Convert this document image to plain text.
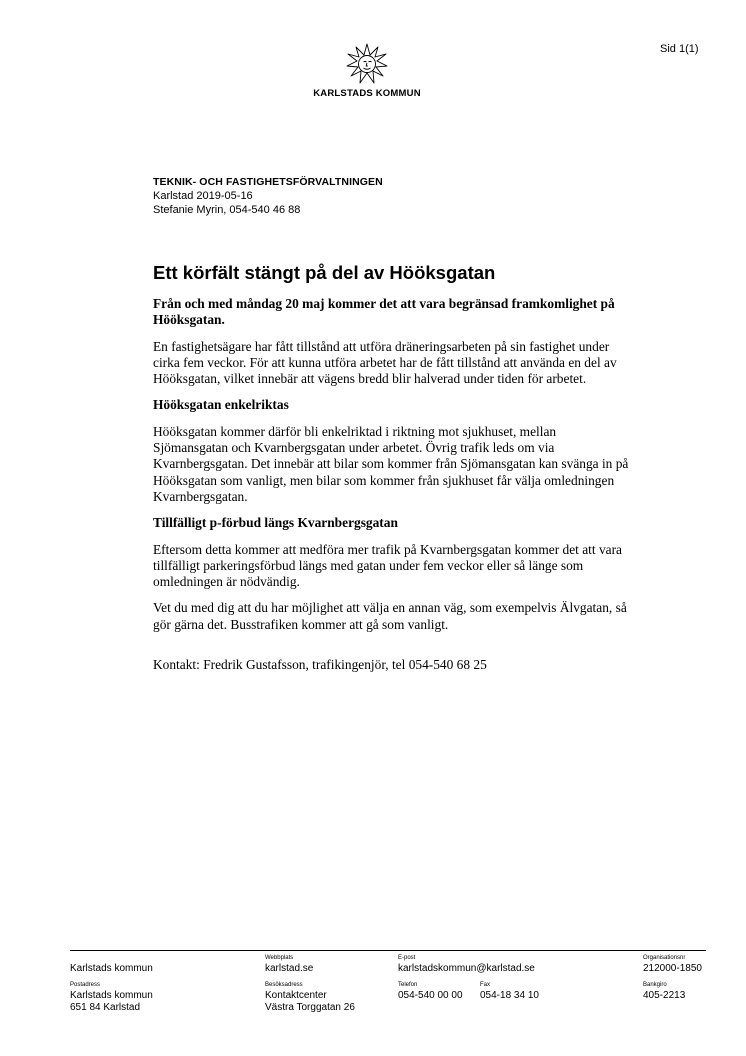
Sid 1(1)
KARLSTADS KOMMUN
TEKNIK- OCH FASTIGHETSFÖRVALTNINGEN
Karlstad 2019-05-16
Stefanie Myrin, 054-540 46 88
Ett körfält stängt på del av Hööksgatan

Från och med måndag 20 maj kommer det att vara begränsad framkomlighet på Hööksgatan.

En fastighetsägare har fått tillstånd att utföra dräneringsarbeten på sin fastighet under cirka fem veckor. För att kunna utföra arbetet har de fått tillstånd att använda en del av Hööksgatan, vilket innebär att vägens bredd blir halverad under tiden för arbetet.

Hööksgatan enkelriktas

Hööksgatan kommer därför bli enkelriktad i riktning mot sjukhuset, mellan Sjömansgatan och Kvarnbergsgatan under arbetet. Övrig trafik leds om via Kvarnbergsgatan. Det innebär att bilar som kommer från Sjömansgatan kan svänga in på Hööksgatan som vanligt, men bilar som kommer från sjukhuset får välja omledningen Kvarnbergsgatan.

Tillfälligt p-förbud längs Kvarnbergsgatan

Eftersom detta kommer att medföra mer trafik på Kvarnbergsgatan kommer det att vara tillfälligt parkeringsförbud längs med gatan under fem veckor eller så länge som omledningen är nödvändig.

Vet du med dig att du har möjlighet att välja en annan väg, som exempelvis Älvgatan, så gör gärna det. Busstrafiken kommer att gå som vanligt.

Kontakt: Fredrik Gustafsson, trafikingenjör, tel 054-540 68 25

Karlstads kommun
Webbplats
karlstad.se
E-post
karlstadskommun@karlstad.se
Organisationsnr
212000-1850
Postadress
Karlstads kommun
651 84 Karlstad
Besöksadress
Kontaktcenter
Västra Torggatan 26
Telefon
054-540 00 00
Fax
054-18 34 10
Bankgiro
405-2213
